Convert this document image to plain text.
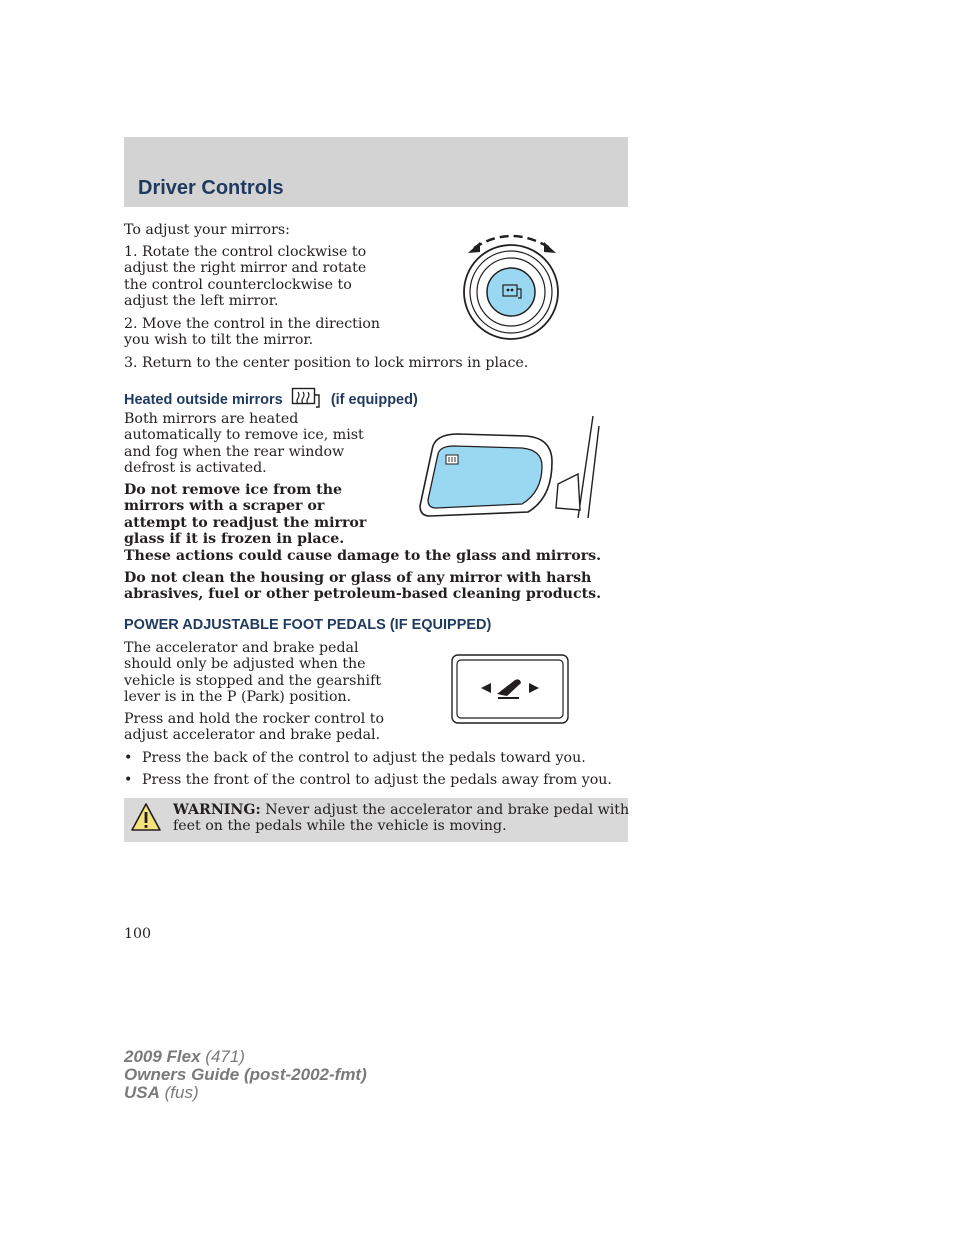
Driver Controls
To adjust your mirrors:
1. Rotate the control clockwise to
adjust the right mirror and rotate
the control counterclockwise to
adjust the left mirror.
2. Move the control in the direction
you wish to tilt the mirror.
3. Return to the center position to lock mirrors in place.
Heated outside mirrors	(if equipped)
Both mirrors are heated
automatically to remove ice, mist
and fog when the rear window
defrost is activated.
Do not remove ice from the
mirrors with a scraper or
attempt to readjust the mirror
glass if it is frozen in place.
These actions could cause damage to the glass and mirrors.
Do not clean the housing or glass of any mirror with harsh
abrasives, fuel or other petroleum-based cleaning products.
POWER ADJUSTABLE FOOT PEDALS (IF EQUIPPED)
The accelerator and brake pedal
should only be adjusted when the
vehicle is stopped and the gearshift
lever is in the P (Park) position.
Press and hold the rocker control to
adjust accelerator and brake pedal.
• Press the back of the control to adjust the pedals toward you.
• Press the front of the control to adjust the pedals away from you.
WARNING: Never adjust the accelerator and brake pedal with
feet on the pedals while the vehicle is moving.
100
2009 Flex (471)
Owners Guide (post-2002-fmt)
USA (fus)
